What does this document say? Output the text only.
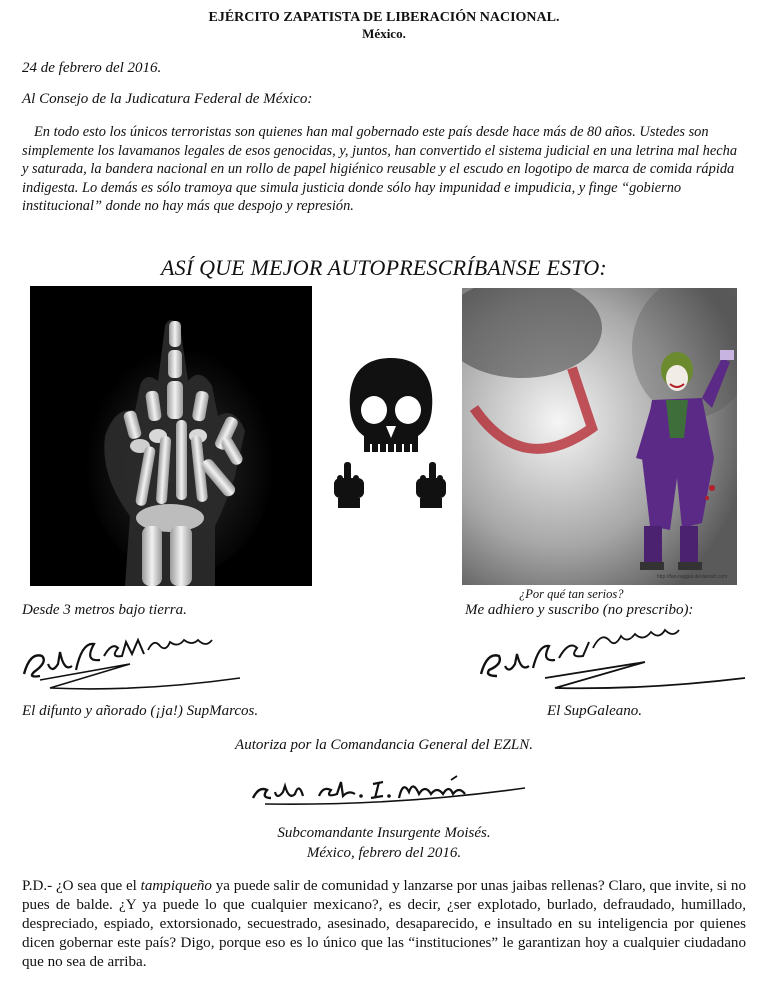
EJÉRCITO ZAPATISTA DE LIBERACIÓN NACIONAL.
México.
24 de febrero del 2016.
Al Consejo de la Judicatura Federal de México:
En todo esto los únicos terroristas son quienes han mal gobernado este país desde hace más de 80 años. Ustedes son simplemente los lavamanos legales de esos genocidas, y, juntos, han convertido el sistema judicial en una letrina mal hecha y saturada, la bandera nacional en un rollo de papel higiénico reusable y el escudo en logotipo de marca de comida rápida indigesta. Lo demás es sólo tramoya que simula justicia donde sólo hay impunidad e impudicia, y finge “gobierno institucional” donde no hay más que despojo y represión.
ASÍ QUE MEJOR AUTOPRESCRÍBANSE ESTO:
http://fan-nagpal.deviantart.com
¿Por qué tan serios?
Desde 3 metros bajo tierra.	Me adhiero y suscribo (no prescribo):
SubCiMarcos
SubCiGaleano
El difunto y añorado (¡ja!) SupMarcos.	El SupGaleano.
Autoriza por la Comandancia General del EZLN.
Sub cte. I. Moisés
Subcomandante Insurgente Moisés.
México, febrero del 2016.
P.D.- ¿O sea que el tampiqueño ya puede salir de comunidad y lanzarse por unas jaibas rellenas? Claro, que invite, si no pues de balde. ¿Y ya puede lo que cualquier mexicano?, es decir, ¿ser explotado, burlado, defraudado, humillado, despreciado, espiado, extorsionado, secuestrado, asesinado, desaparecido, e insultado en su inteligencia por quienes dicen gobernar este país? Digo, porque eso es lo único que las “instituciones” le garantizan hoy a cualquier ciudadano que no sea de arriba.
